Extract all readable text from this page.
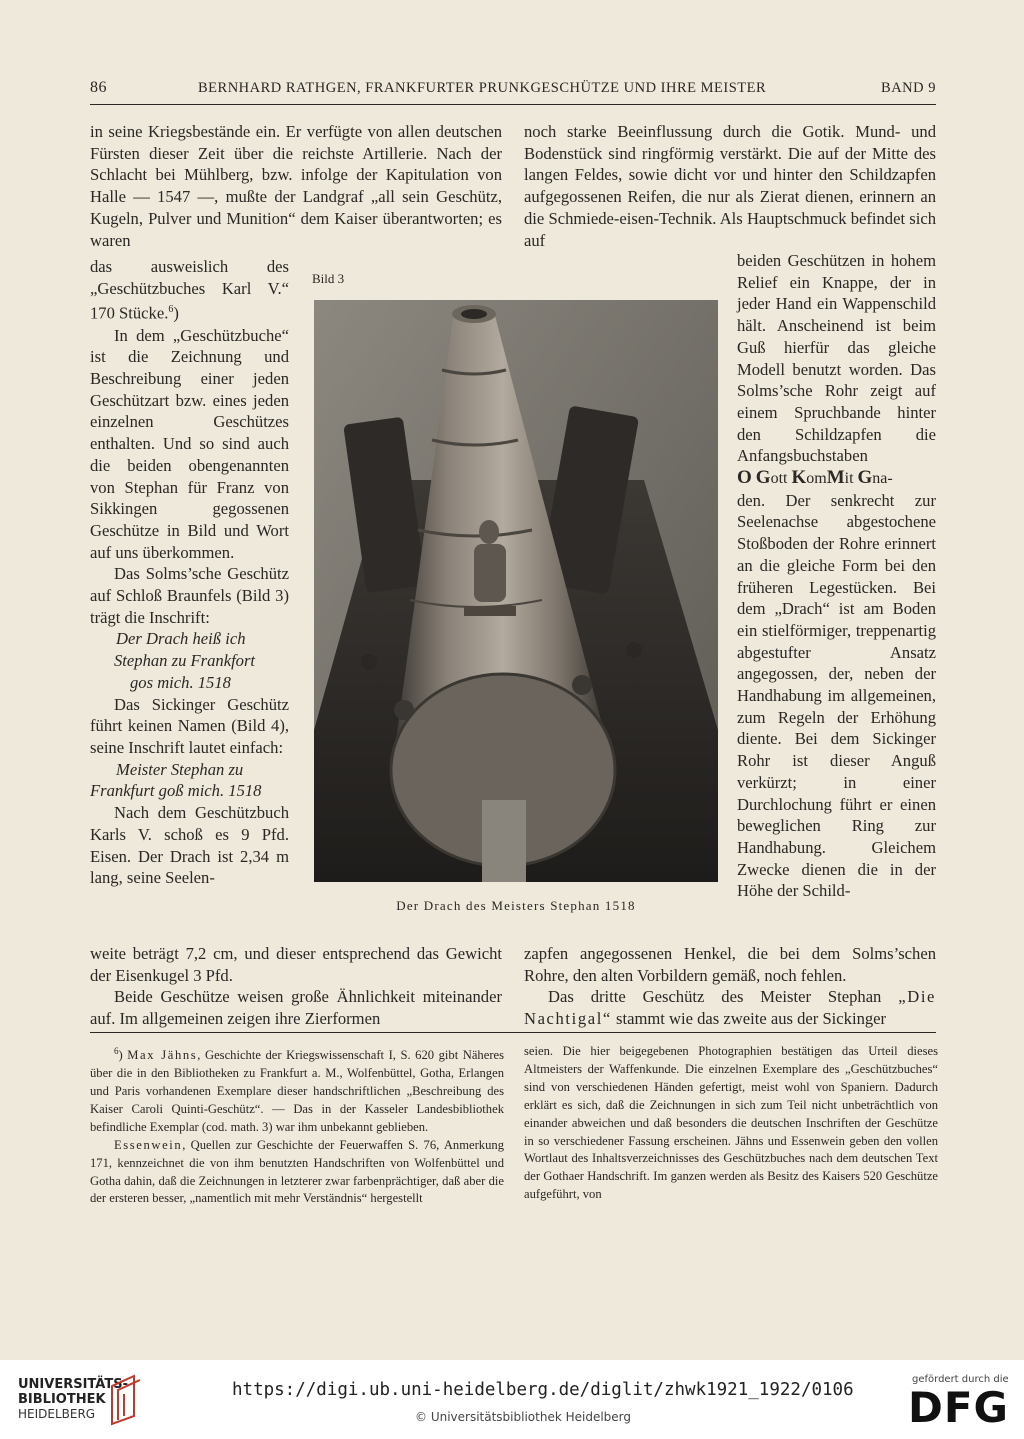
86	BERNHARD RATHGEN, FRANKFURTER PRUNKGESCHÜTZE UND IHRE MEISTER	BAND 9

in seine Kriegsbestände ein. Er verfügte von allen deutschen Fürsten dieser Zeit über die reichste Artillerie. Nach der Schlacht bei Mühlberg, bzw. infolge der Kapitulation von Halle — 1547 —, mußte der Landgraf „all sein Geschütz, Kugeln, Pulver und Munition“ dem Kaiser überantworten; es waren

noch starke Beeinflussung durch die Gotik. Mund- und Bodenstück sind ringförmig verstärkt. Die auf der Mitte des langen Feldes, sowie dicht vor und hinter den Schildzapfen aufgegossenen Reifen, die nur als Zierat dienen, erinnern an die Schmiede-eisen-Technik. Als Hauptschmuck befindet sich auf

das ausweislich des „Geschützbuches Karl V.“ 170 Stücke.$^6$)

In dem „Geschützbuche“ ist die Zeichnung und Beschreibung einer jeden Geschützart bzw. eines jeden einzelnen Geschützes enthalten. Und so sind auch die beiden obengenannten von Stephan für Franz von Sikkingen gegossenen Geschütze in Bild und Wort auf uns überkommen.

Das Solms’sche Geschütz auf Schloß Braunfels (Bild 3) trägt die Inschrift:

Der Drach heiß ich

Stephan zu Frankfort

gos mich. 1518

Das Sickinger Geschütz führt keinen Namen (Bild 4), seine Inschrift lautet einfach:

Meister Stephan zu

Frankfurt goß mich. 1518

Nach dem Geschützbuch Karls V. schoß es 9 Pfd. Eisen. Der Drach ist 2,34 m lang, seine Seelen-

Bild 3
Der Drach des Meisters Stephan 1518

beiden Geschützen in hohem Relief ein Knappe, der in jeder Hand ein Wappenschild hält. Anscheinend ist beim Guß hierfür das gleiche Modell benutzt worden. Das Solms’sche Rohr zeigt auf einem Spruchbande hinter den Schildzapfen die Anfangsbuchstaben

O Gott KomMit Gna-

den. Der senkrecht zur Seelenachse abgestochene Stoßboden der Rohre erinnert an die gleiche Form bei den früheren Legestücken. Bei dem „Drach“ ist am Boden ein stielförmiger, treppenartig abgestufter Ansatz angegossen, der, neben der Handhabung im allgemeinen, zum Regeln der Erhöhung diente. Bei dem Sickinger Rohr ist dieser Anguß verkürzt; in einer Durchlochung führt er einen beweglichen Ring zur Handhabung. Gleichem Zwecke dienen die in der Höhe der Schild-

weite beträgt 7,2 cm, und dieser entsprechend das Gewicht der Eisenkugel 3 Pfd.

Beide Geschütze weisen große Ähnlichkeit miteinander auf. Im allgemeinen zeigen ihre Zierformen

zapfen angegossenen Henkel, die bei dem Solms’schen Rohre, den alten Vorbildern gemäß, noch fehlen.

Das dritte Geschütz des Meister Stephan „Die Nachtigal“ stammt wie das zweite aus der Sickinger

$^6$) Max Jähns, Geschichte der Kriegswissenschaft I, S. 620 gibt Näheres über die in den Bibliotheken zu Frankfurt a. M., Wolfenbüttel, Gotha, Erlangen und Paris vorhandenen Exemplare dieser handschriftlichen „Beschreibung des Kaiser Caroli Quinti-Geschütz“. — Das in der Kasseler Landesbibliothek befindliche Exemplar (cod. math. 3) war ihm unbekannt geblieben.

Essenwein, Quellen zur Geschichte der Feuerwaffen S. 76, Anmerkung 171, kennzeichnet die von ihm benutzten Handschriften von Wolfenbüttel und Gotha dahin, daß die Zeichnungen in letzterer zwar farbenprächtiger, daß aber die der ersteren besser, „namentlich mit mehr Verständnis“ hergestellt

seien. Die hier beigegebenen Photographien bestätigen das Urteil dieses Altmeisters der Waffenkunde. Die einzelnen Exemplare des „Geschützbuches“ sind von verschiedenen Händen gefertigt, meist wohl von Spaniern. Dadurch erklärt es sich, daß die Zeichnungen in sich zum Teil nicht unbeträchtlich von einander abweichen und daß besonders die deutschen Inschriften der Geschütze in so verschiedener Fassung erscheinen. Jähns und Essenwein geben den vollen Wortlaut des Inhaltsverzeichnisses des Geschützbuches nach dem deutschen Text der Gothaer Handschrift. Im ganzen werden als Besitz des Kaisers 520 Geschütze aufgeführt, von

UNIVERSITÄTS-
BIBLIOTHEK
HEIDELBERG
https://digi.ub.uni-heidelberg.de/diglit/zhwk1921_1922/0106
© Universitätsbibliothek Heidelberg
gefördert durch die
DFG
